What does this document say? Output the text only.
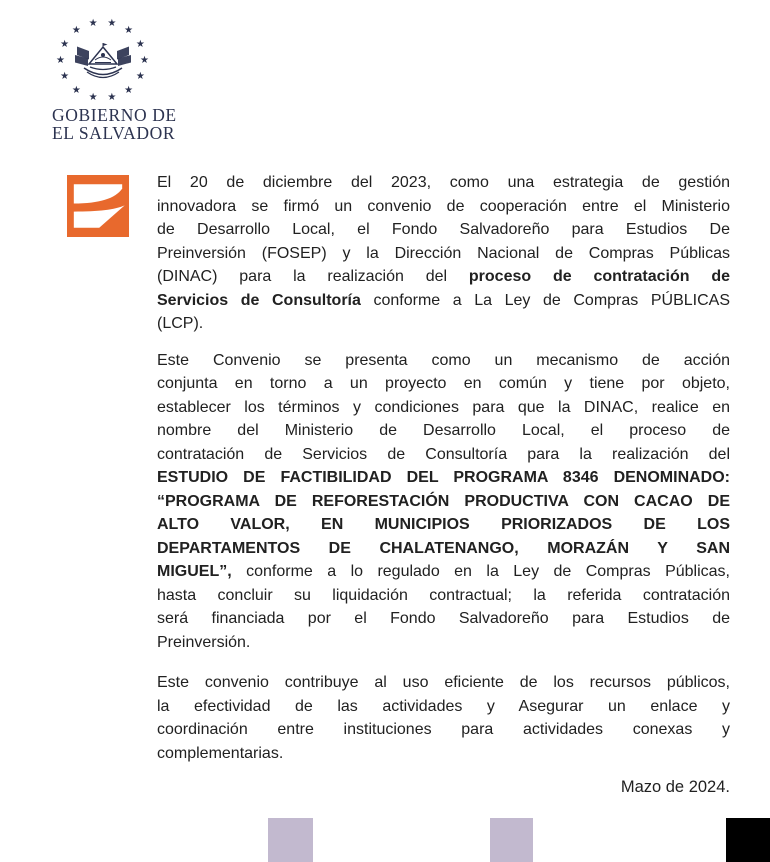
★
★
★
★
★
★
★
★
★
★
★
★
★
★
GOBIERNO DE
EL SALVADOR
El 20 de diciembre del 2023, como una estrategia de gestión
innovadora se firmó un convenio de cooperación entre el Ministerio
de Desarrollo Local, el Fondo Salvadoreño para Estudios De
Preinversión (FOSEP) y la Dirección Nacional de Compras Públicas
(DINAC) para la realización del proceso de contratación de
Servicios de Consultoría conforme a La Ley de Compras PÚBLICAS
(LCP).
Este Convenio se presenta como un mecanismo de acción
conjunta en torno a un proyecto en común y tiene por objeto,
establecer los términos y condiciones para que la DINAC, realice en
nombre del Ministerio de Desarrollo Local, el proceso de
contratación de Servicios de Consultoría para la realización del
ESTUDIO DE FACTIBILIDAD DEL PROGRAMA 8346 DENOMINADO:
“PROGRAMA DE REFORESTACIÓN PRODUCTIVA CON CACAO DE
ALTO VALOR, EN MUNICIPIOS PRIORIZADOS DE LOS
DEPARTAMENTOS DE CHALATENANGO, MORAZÁN Y SAN
MIGUEL”, conforme a lo regulado en la Ley de Compras Públicas,
hasta concluir su liquidación contractual; la referida contratación
será financiada por el Fondo Salvadoreño para Estudios de
Preinversión.
Este convenio contribuye al uso eficiente de los recursos públicos,
la efectividad de las actividades y Asegurar un enlace y
coordinación entre instituciones para actividades conexas y
complementarias.
Mazo de 2024.
